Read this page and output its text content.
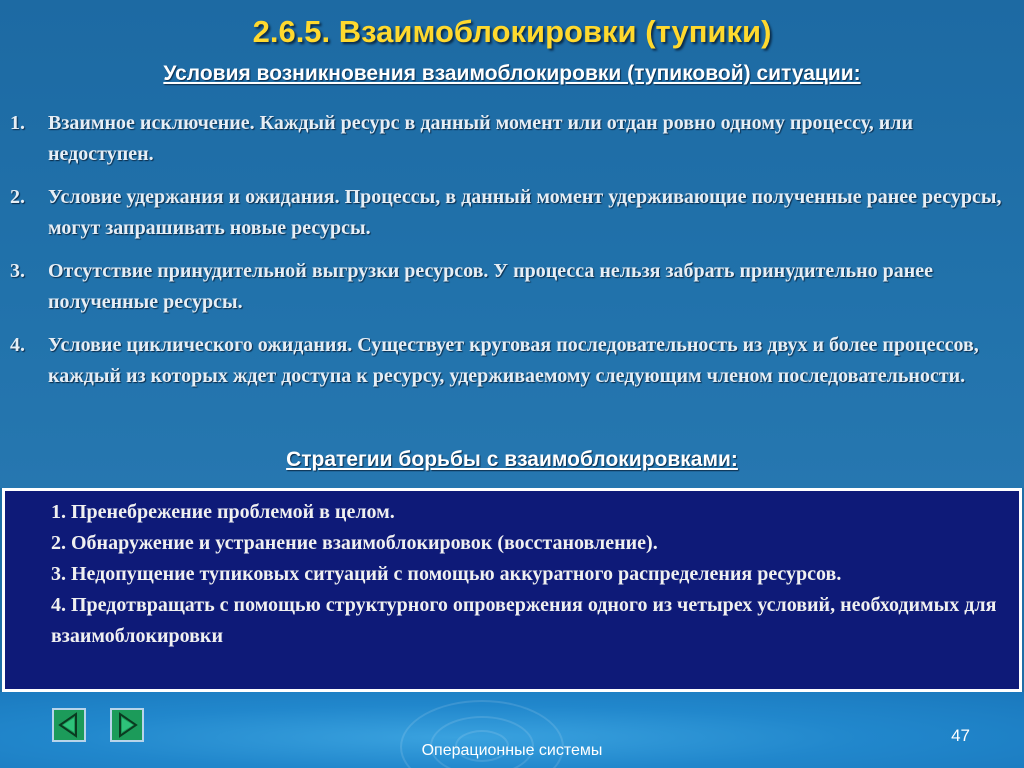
2.6.5. Взаимоблокировки (тупики)
Условия возникновения взаимоблокировки (тупиковой) ситуации:
1. Взаимное исключение. Каждый ресурс в данный момент или отдан ровно одному процессу, или недоступен.
2. Условие удержания и ожидания. Процессы, в данный момент удерживающие полученные ранее ресурсы, могут запрашивать новые ресурсы.
3. Отсутствие принудительной выгрузки ресурсов. У процесса нельзя забрать принудительно ранее полученные ресурсы.
4. Условие циклического ожидания. Существует круговая последовательность из двух и более процессов, каждый из которых ждет доступа к ресурсу, удерживаемому следующим членом последовательности.
Стратегии борьбы с взаимоблокировками:
1. Пренебрежение проблемой в целом.
2. Обнаружение и устранение взаимоблокировок (восстановление).
3. Недопущение тупиковых ситуаций с помощью аккуратного распределения ресурсов.
4. Предотвращать с помощью структурного опровержения одного из четырех условий, необходимых для взаимоблокировки
47
Операционные системы
